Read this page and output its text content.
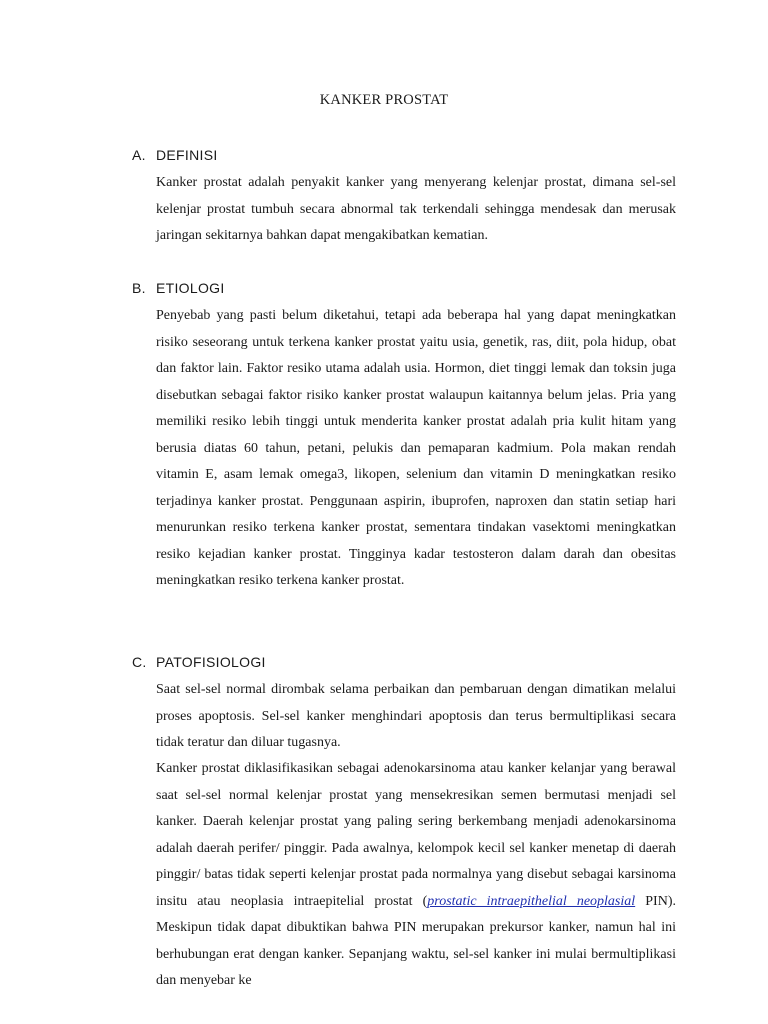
KANKER PROSTAT
A. DEFINISI

Kanker prostat adalah penyakit kanker yang menyerang kelenjar prostat, dimana sel-sel kelenjar prostat tumbuh secara abnormal tak terkendali sehingga mendesak dan merusak jaringan sekitarnya bahkan dapat mengakibatkan kematian.

B. ETIOLOGI

Penyebab yang pasti belum diketahui, tetapi ada beberapa hal yang dapat meningkatkan risiko seseorang untuk terkena kanker prostat yaitu usia, genetik, ras, diit, pola hidup, obat dan faktor lain. Faktor resiko utama adalah usia. Hormon, diet tinggi lemak dan toksin juga disebutkan sebagai faktor risiko kanker prostat walaupun kaitannya belum jelas. Pria yang memiliki resiko lebih tinggi untuk menderita kanker prostat adalah pria kulit hitam yang berusia diatas 60 tahun, petani, pelukis dan pemaparan kadmium. Pola makan rendah vitamin E, asam lemak omega3, likopen, selenium dan vitamin D meningkatkan resiko terjadinya kanker prostat. Penggunaan aspirin, ibuprofen, naproxen dan statin setiap hari menurunkan resiko terkena kanker prostat, sementara tindakan vasektomi meningkatkan resiko kejadian kanker prostat. Tingginya kadar testosteron dalam darah dan obesitas meningkatkan resiko terkena kanker prostat.

C. PATOFISIOLOGI

Saat sel-sel normal dirombak selama perbaikan dan pembaruan dengan dimatikan melalui proses apoptosis. Sel-sel kanker menghindari apoptosis dan terus bermultiplikasi secara tidak teratur dan diluar tugasnya.

Kanker prostat diklasifikasikan sebagai adenokarsinoma atau kanker kelanjar yang berawal saat sel-sel normal kelenjar prostat yang mensekresikan semen bermutasi menjadi sel kanker. Daerah kelenjar prostat yang paling sering berkembang menjadi adenokarsinoma adalah daerah perifer/ pinggir. Pada awalnya, kelompok kecil sel kanker menetap di daerah pinggir/ batas tidak seperti kelenjar prostat pada normalnya yang disebut sebagai karsinoma insitu atau neoplasia intraepitelial prostat (prostatic intraepithelial neoplasial PIN). Meskipun tidak dapat dibuktikan bahwa PIN merupakan prekursor kanker, namun hal ini berhubungan erat dengan kanker. Sepanjang waktu, sel-sel kanker ini mulai bermultiplikasi dan menyebar ke
